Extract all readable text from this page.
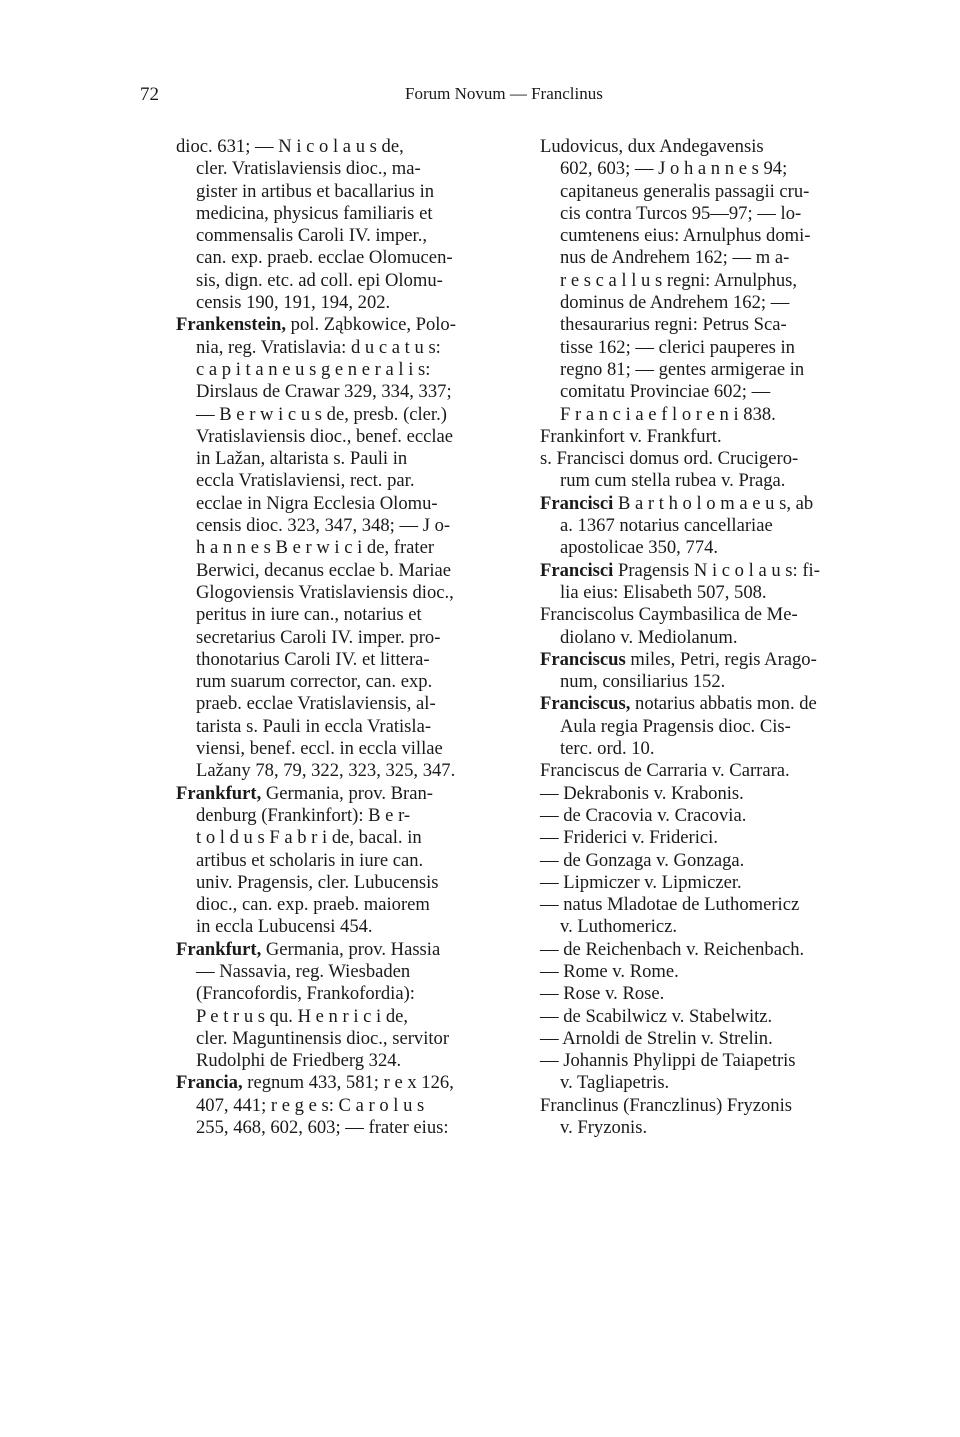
72	Forum Novum — Franclinus
dioc. 631; — N i c o l a u s de,
cler. Vratislaviensis dioc., ma-
gister in artibus et bacallarius in
medicina, physicus familiaris et
commensalis Caroli IV. imper.,
can. exp. praeb. ecclae Olomucen-
sis, dign. etc. ad coll. epi Olomu-
censis 190, 191, 194, 202.
Frankenstein, pol. Ząbkowice, Polo-
nia, reg. Vratislavia: d u c a t u s:
c a p i t a n e u s g e n e r a l i s:
Dirslaus de Crawar 329, 334, 337;
— B e r w i c u s de, presb. (cler.)
Vratislaviensis dioc., benef. ecclae
in Lažan, altarista s. Pauli in
eccla Vratislaviensi, rect. par.
ecclae in Nigra Ecclesia Olomu-
censis dioc. 323, 347, 348; — J o-
h a n n e s B e r w i c i de, frater
Berwici, decanus ecclae b. Mariae
Glogoviensis Vratislaviensis dioc.,
peritus in iure can., notarius et
secretarius Caroli IV. imper. pro-
thonotarius Caroli IV. et littera-
rum suarum corrector, can. exp.
praeb. ecclae Vratislaviensis, al-
tarista s. Pauli in eccla Vratisla-
viensi, benef. eccl. in eccla villae
Lažany 78, 79, 322, 323, 325, 347.
Frankfurt, Germania, prov. Bran-
denburg (Frankinfort): B e r-
t o l d u s F a b r i de, bacal. in
artibus et scholaris in iure can.
univ. Pragensis, cler. Lubucensis
dioc., can. exp. praeb. maiorem
in eccla Lubucensi 454.
Frankfurt, Germania, prov. Hassia
— Nassavia, reg. Wiesbaden
(Francofordis, Frankofordia):
P e t r u s qu. H e n r i c i de,
cler. Maguntinensis dioc., servitor
Rudolphi de Friedberg 324.
Francia, regnum 433, 581; r e x 126,
407, 441; r e g e s: C a r o l u s
255, 468, 602, 603; — frater eius:
Ludovicus, dux Andegavensis
602, 603; — J o h a n n e s 94;
capitaneus generalis passagii cru-
cis contra Turcos 95—97; — lo-
cumtenens eius: Arnulphus domi-
nus de Andrehem 162; — m a-
r e s c a l l u s regni: Arnulphus,
dominus de Andrehem 162; —
thesaurarius regni: Petrus Sca-
tisse 162; — clerici pauperes in
regno 81; — gentes armigerae in
comitatu Provinciae 602; —
F r a n c i a e f l o r e n i 838.
Frankinfort v. Frankfurt.
s. Francisci domus ord. Crucigero-
rum cum stella rubea v. Praga.
Francisci B a r t h o l o m a e u s, ab
a. 1367 notarius cancellariae
apostolicae 350, 774.
Francisci Pragensis N i c o l a u s: fi-
lia eius: Elisabeth 507, 508.
Franciscolus Caymbasilica de Me-
diolano v. Mediolanum.
Franciscus miles, Petri, regis Arago-
num, consiliarius 152.
Franciscus, notarius abbatis mon. de
Aula regia Pragensis dioc. Cis-
terc. ord. 10.
Franciscus de Carraria v. Carrara.
— Dekrabonis v. Krabonis.
— de Cracovia v. Cracovia.
— Friderici v. Friderici.
— de Gonzaga v. Gonzaga.
— Lipmiczer v. Lipmiczer.
— natus Mladotae de Luthomericz
v. Luthomericz.
— de Reichenbach v. Reichenbach.
— Rome v. Rome.
— Rose v. Rose.
— de Scabilwicz v. Stabelwitz.
— Arnoldi de Strelin v. Strelin.
— Johannis Phylippi de Taiapetris
v. Tagliapetris.
Franclinus (Franczlinus) Fryzonis
v. Fryzonis.
